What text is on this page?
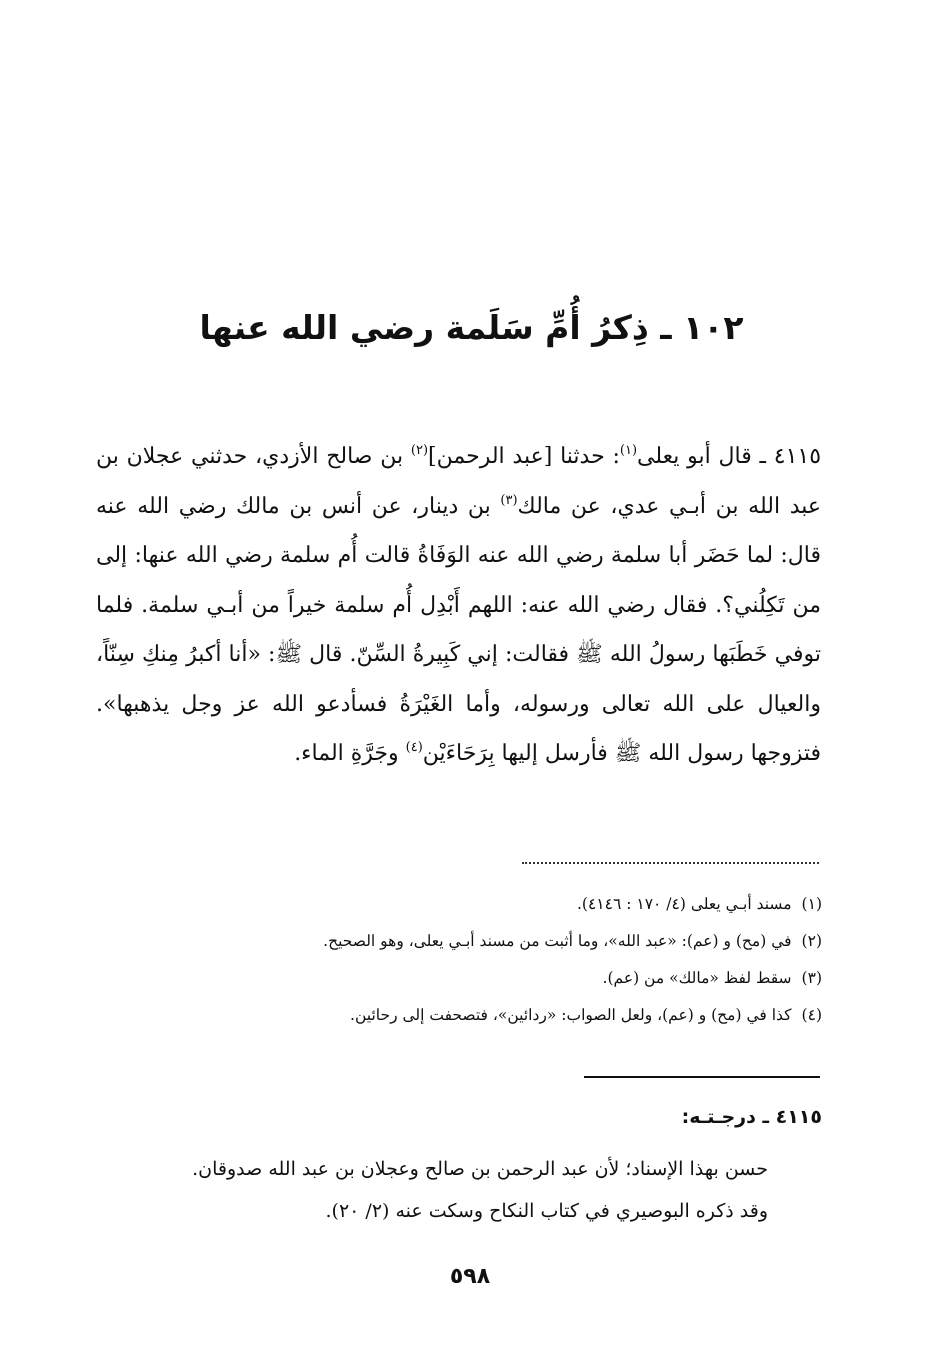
١٠٢ ـ ذِكرُ أُمِّ سَلَمة رضي الله عنها

٤١١٥ ـ قال أبو يعلى$^{(١)}$: حدثنا [عبد الرحمن]$^{(٢)}$ بن صالح الأزدي، حدثني عجلان بن عبد الله بن أبـي عدي، عن مالك$^{(٣)}$ بن دينار، عن أنس بن مالك رضي الله عنه قال: لما حَضَر أبا سلمة رضي الله عنه الوَفَاةُ قالت أُم سلمة رضي الله عنها: إلى من تَكِلُني؟. فقال رضي الله عنه: اللهم أَبْدِل أُم سلمة خيراً من أبـي سلمة. فلما توفي خَطَبَها رسولُ الله ﷺ فقالت: إني كَبِيرةُ السِّنّ. قال ﷺ: «أنا أكبرُ مِنكِ سِنّاً، والعيال على الله تعالى ورسوله، وأما الغَيْرَةُ فسأدعو الله عز وجل يذهبها». فتزوجها رسول الله ﷺ فأرسل إليها بِرَحَاءَيْن$^{(٤)}$ وجَرَّةِ الماء.

(١)مسند أبـي يعلى (٤/ ١٧٠ : ٤١٤٦).
(٢)في (مح) و (عم): «عبد الله»، وما أثبت من مسند أبـي يعلى، وهو الصحيح.
(٣)سقط لفظ «مالك» من (عم).
(٤)كذا في (مح) و (عم)، ولعل الصواب: «ردائين»، فتصحفت إلى رحائين.
٤١١٥ ـ درجـتـه:

حسن بهذا الإسناد؛ لأن عبد الرحمن بن صالح وعجلان بن عبد الله صدوقان.

وقد ذكره البوصيري في كتاب النكاح وسكت عنه (٢/ ٢٠).

٥٩٨
